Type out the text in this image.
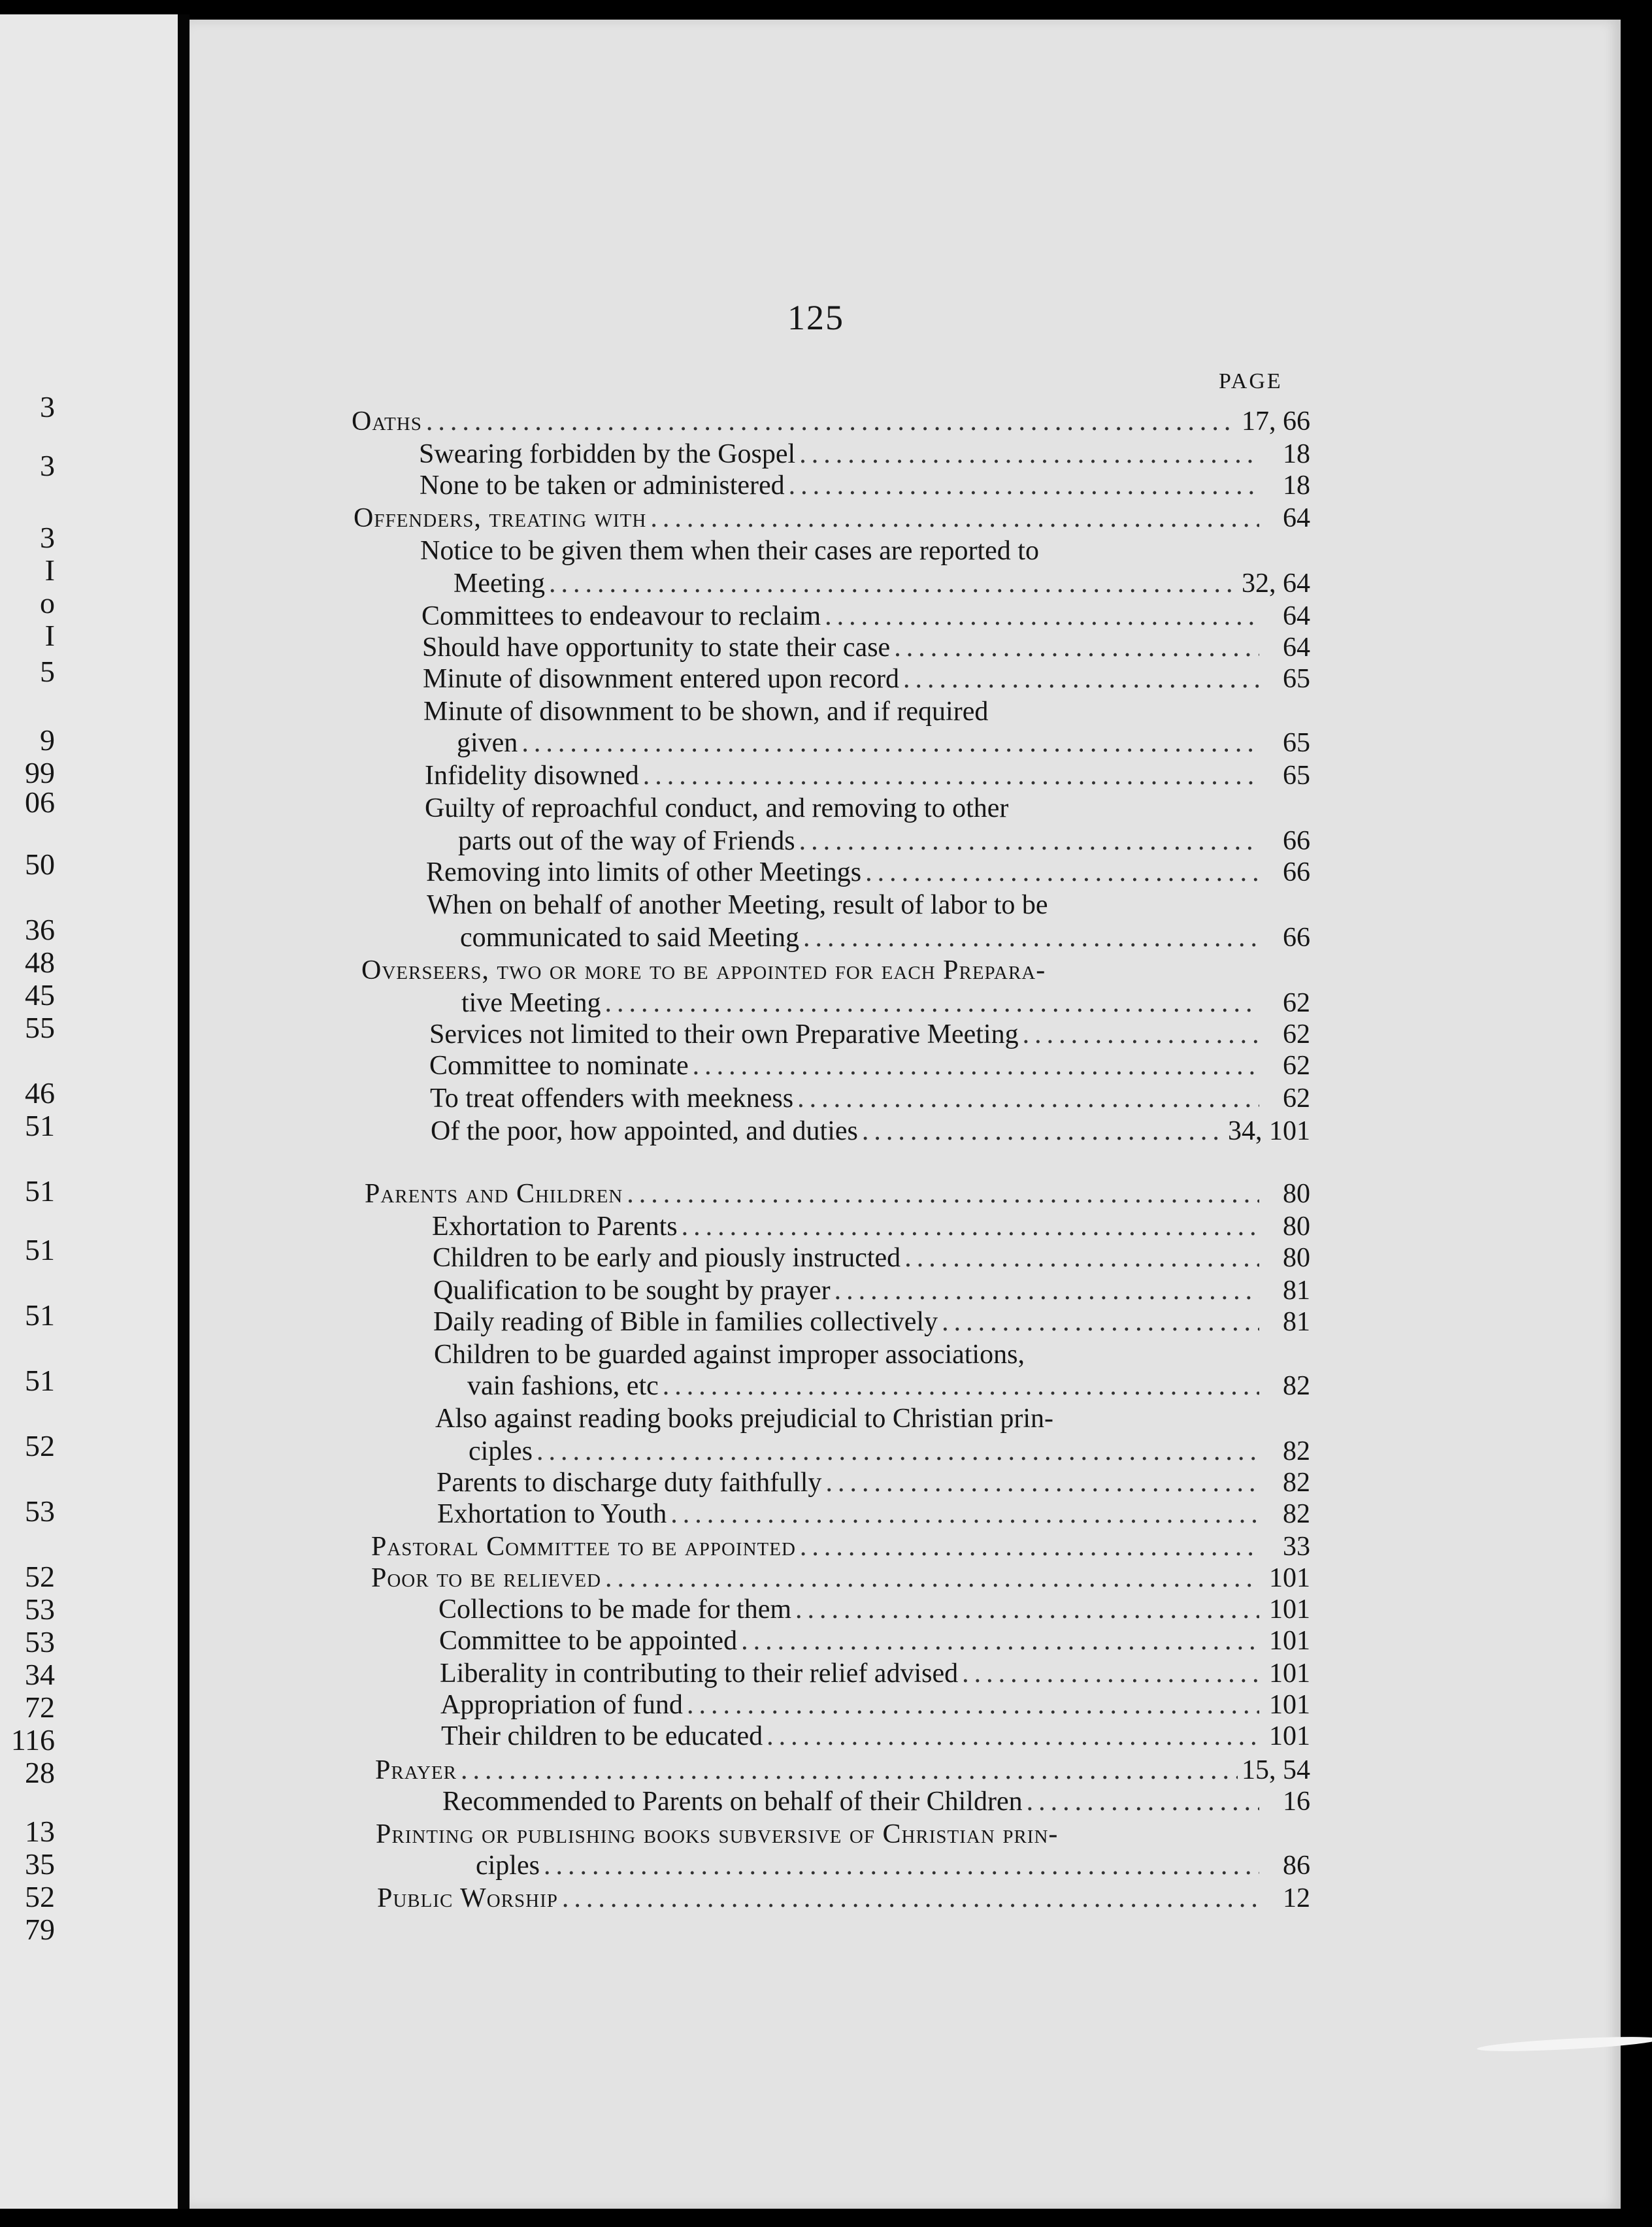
3
3
3
I
o
I
5
9
99
06
50
36
48
45
55
46
51
51
51
51
51
52
53
52
53
53
34
72
116
28
13
35
52
79
125
PAGE
Oaths .....	17, 66
Swearing forbidden by the Gospel .....	18
None to be taken or administered .....	18
Offenders, treating with .....	64
Notice to be given them when their cases are reported to
Meeting .....	32, 64
Committees to endeavour to reclaim .....	64
Should have opportunity to state their case .....	64
Minute of disownment entered upon record .....	65
Minute of disownment to be shown, and if required
given .....	65
Infidelity disowned .....	65
Guilty of reproachful conduct, and removing to other
parts out of the way of Friends .....	66
Removing into limits of other Meetings .....	66
When on behalf of another Meeting, result of labor to be
communicated to said Meeting .....	66
Overseers, two or more to be appointed for each Prepara-
tive Meeting .....	62
Services not limited to their own Preparative Meeting .....	62
Committee to nominate .....	62
To treat offenders with meekness .....	62
Of the poor, how appointed, and duties .....	34, 101
Parents and Children .....	80
Exhortation to Parents .....	80
Children to be early and piously instructed .....	80
Qualification to be sought by prayer .....	81
Daily reading of Bible in families collectively .....	81
Children to be guarded against improper associations,
vain fashions, etc .....	82
Also against reading books prejudicial to Christian prin-
ciples .....	82
Parents to discharge duty faithfully .....	82
Exhortation to Youth .....	82
Pastoral Committee to be appointed .....	33
Poor to be relieved .....	101
Collections to be made for them .....	101
Committee to be appointed .....	101
Liberality in contributing to their relief advised .....	101
Appropriation of fund .....	101
Their children to be educated .....	101
Prayer .....	15, 54
Recommended to Parents on behalf of their Children .....	16
Printing or publishing books subversive of Christian prin-
ciples .....	86
Public Worship .....	12
